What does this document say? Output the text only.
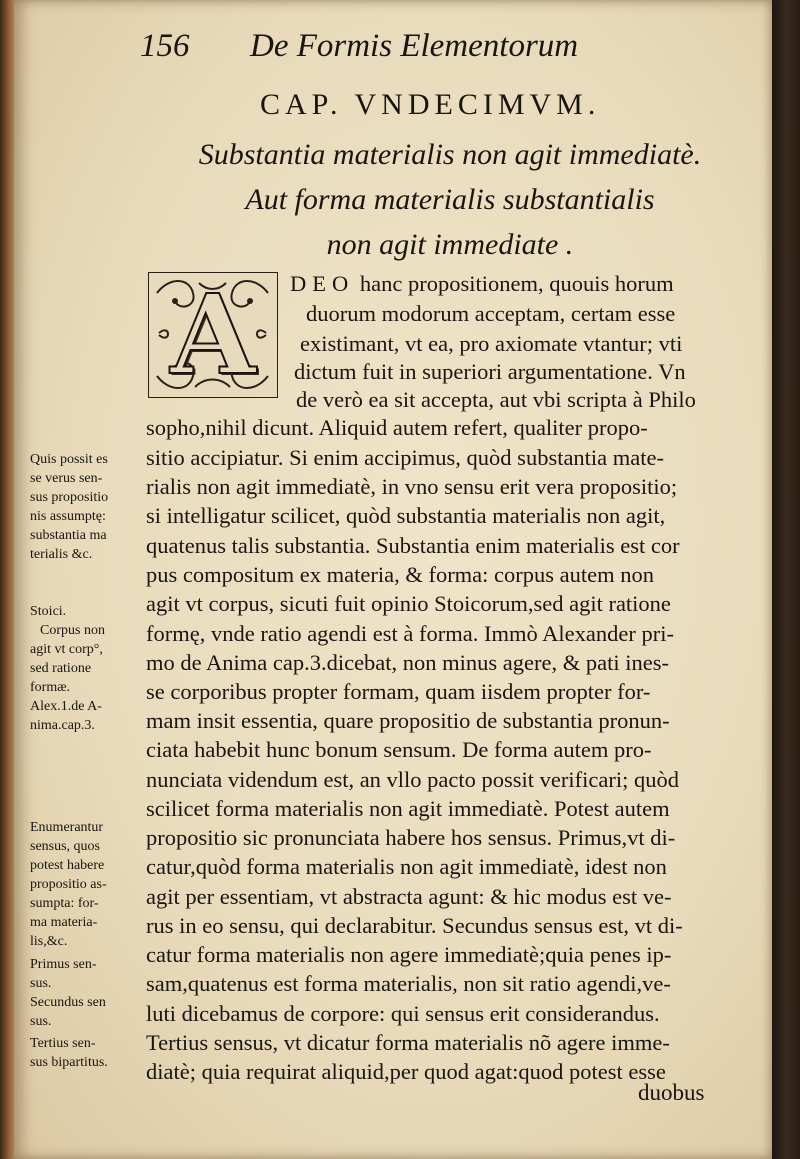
156 De Formis Elementorum
CAP. VNDECIMVM.
Substantia materialis non agit immediatè.
Aut forma materialis substantialis
non agit immediate .
A	DEO hanc propositionem, quouis horum
duorum modorum acceptam, certam esse
existimant, vt ea, pro axiomate vtantur; vti
dictum fuit in superiori argumentatione. Vn
de verò ea sit accepta, aut vbi scripta à Philo
sopho,nihil dicunt. Aliquid autem refert, qualiter propo-
sitio accipiatur. Si enim accipimus, quòd substantia mate-
rialis non agit immediatè, in vno sensu erit vera propositio;
si intelligatur scilicet, quòd substantia materialis non agit,
quatenus talis substantia. Substantia enim materialis est cor
pus compositum ex materia, & forma: corpus autem non
agit vt corpus, sicuti fuit opinio Stoicorum,sed agit ratione
formę, vnde ratio agendi est à forma. Immò Alexander pri-
mo de Anima cap.3.dicebat, non minus agere, & pati ines-
se corporibus propter formam, quam iisdem propter for-
mam insit essentia, quare propositio de substantia pronun-
ciata habebit hunc bonum sensum. De forma autem pro-
nunciata videndum est, an vllo pacto possit verificari; quòd
scilicet forma materialis non agit immediatè. Potest autem
propositio sic pronunciata habere hos sensus. Primus,vt di-
catur,quòd forma materialis non agit immediatè, idest non
agit per essentiam, vt abstracta agunt: & hic modus est ve-
rus in eo sensu, qui declarabitur. Secundus sensus est, vt di-
catur forma materialis non agere immediatè;quia penes ip-
sam,quatenus est forma materialis, non sit ratio agendi,ve-
luti dicebamus de corpore: qui sensus erit considerandus.
Tertius sensus, vt dicatur forma materialis nõ agere imme-
diatè; quia requirat aliquid,per quod agat:quod potest esse
duobus
Quis possit es
se verus sen-
sus propositio
nis assumptę:
substantia ma
terialis &c.
Stoici.
Corpus non
agit vt corp°,
sed ratione
formæ.
Alex.1.de A-
nima.cap.3.
Enumerantur
sensus, quos
potest habere
propositio as-
sumpta: for-
ma materia-
lis,&c.
Primus sen-
sus.
Secundus sen
sus.
Tertius sen-
sus bipartitus.
